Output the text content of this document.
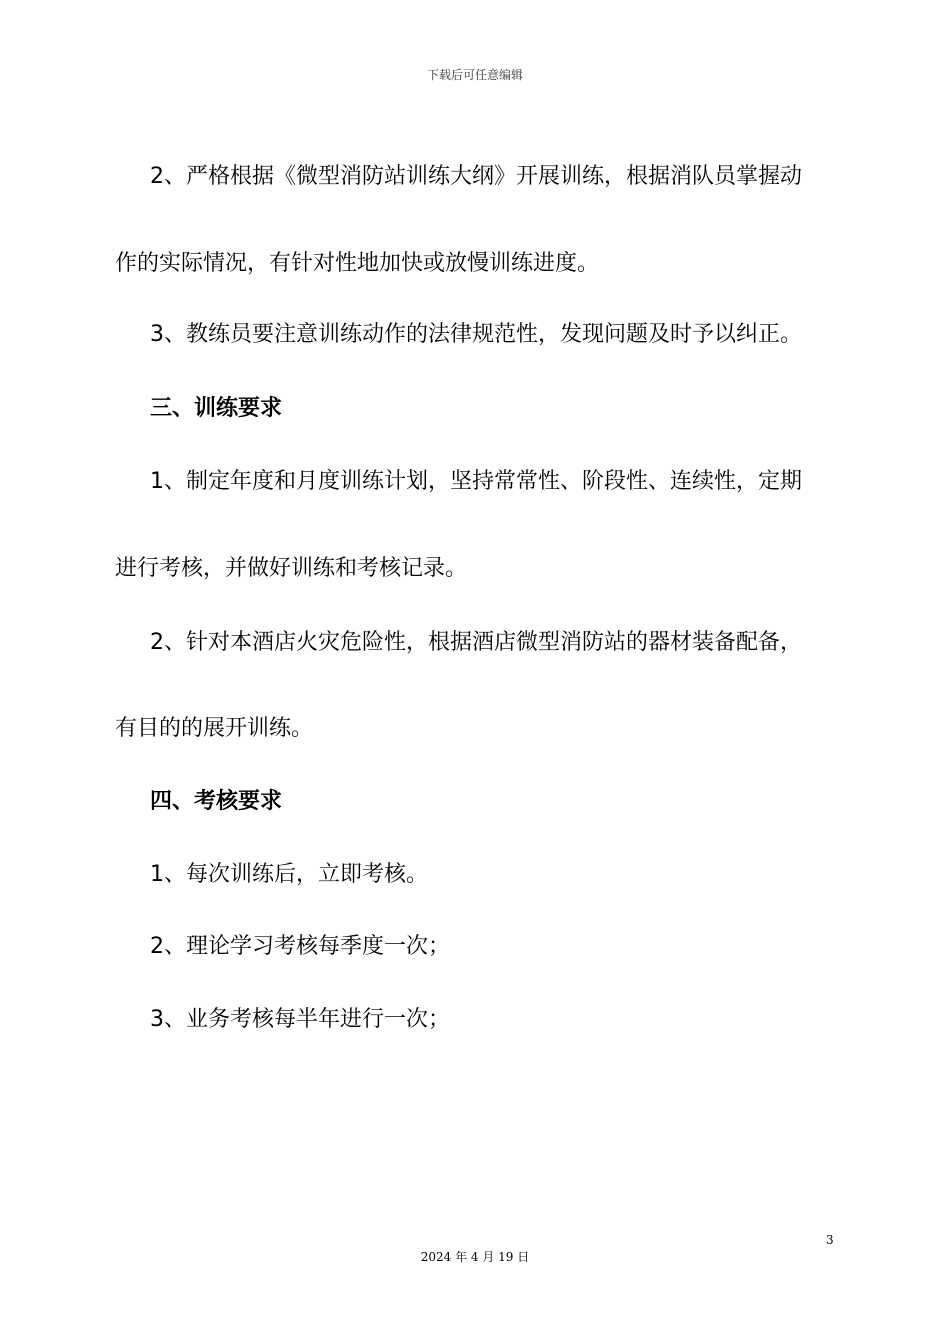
下载后可任意编辑
2、严格根据《微型消防站训练大纲》开展训练，根据消队员掌握动
作的实际情况，有针对性地加快或放慢训练进度。
3、教练员要注意训练动作的法律规范性，发现问题及时予以纠正。
三、训练要求
1、制定年度和月度训练计划，坚持常常性、阶段性、连续性，定期
进行考核，并做好训练和考核记录。
2、针对本酒店火灾危险性，根据酒店微型消防站的器材装备配备，
有目的的展开训练。
四、考核要求
1、每次训练后，立即考核。
2、理论学习考核每季度一次；
3、业务考核每半年进行一次；
3
2024 年 4 月 19 日
